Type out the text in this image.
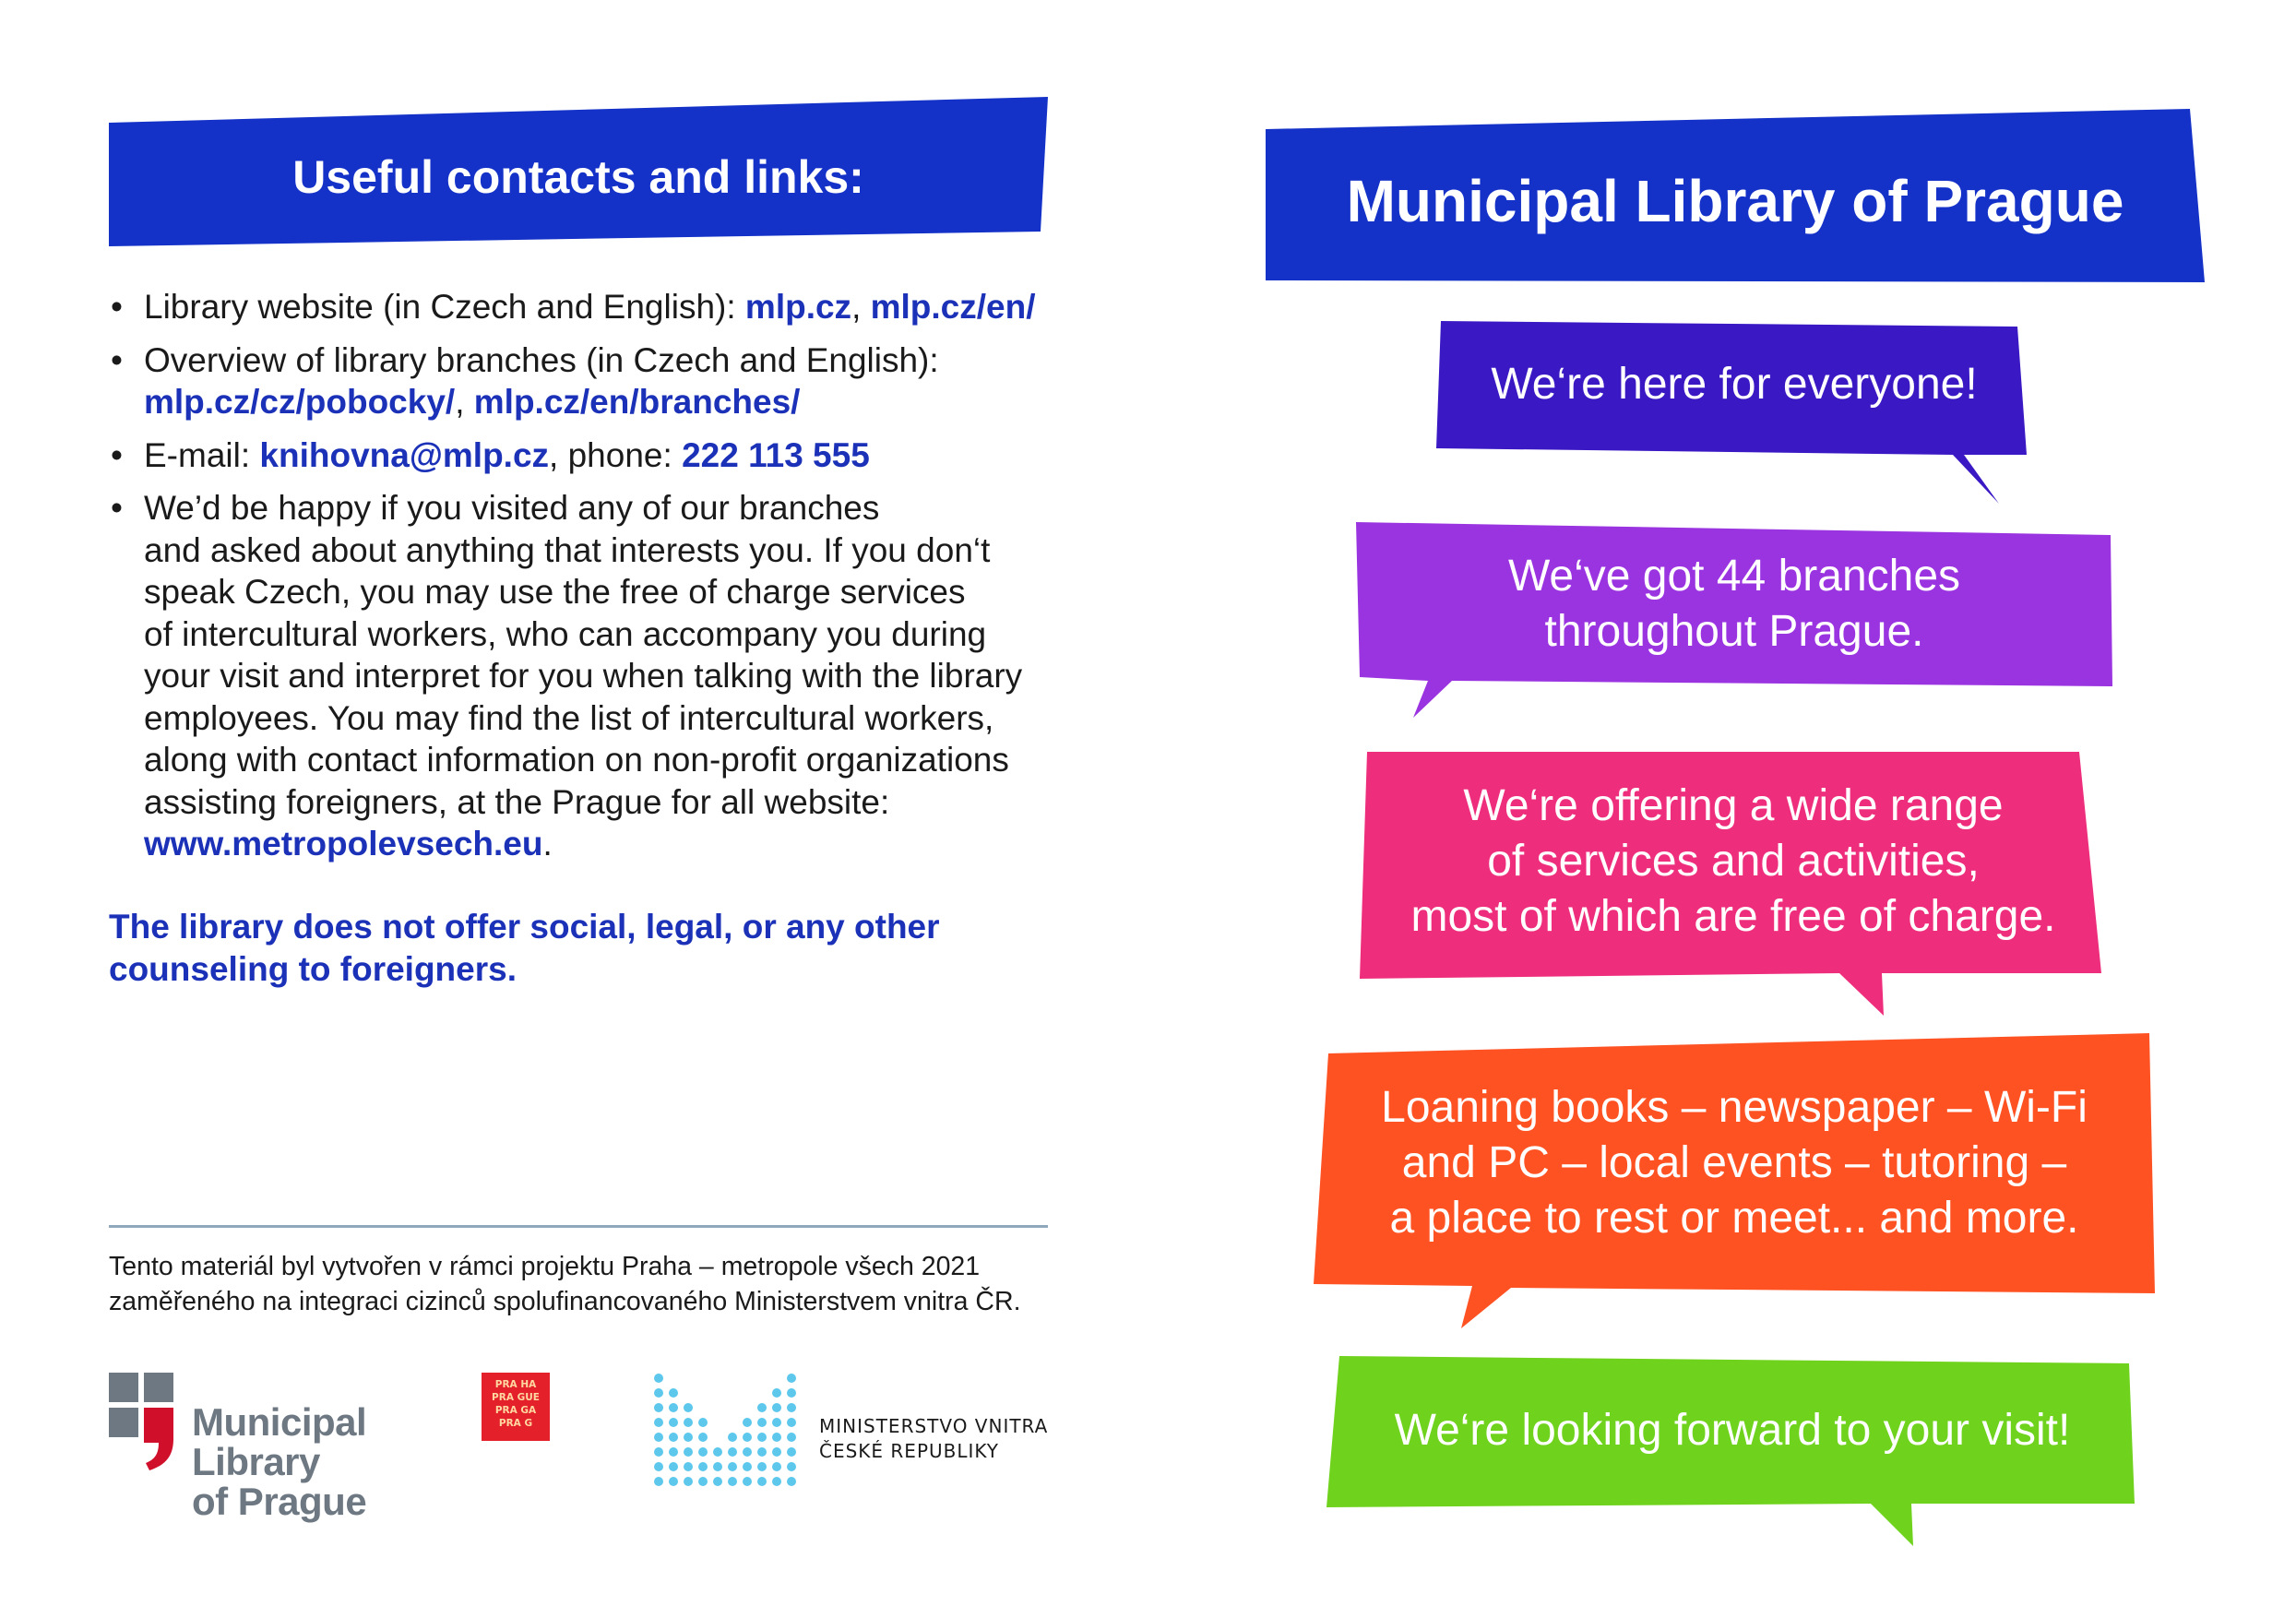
Useful contacts and links:
• Library website (in Czech and English): mlp.cz, mlp.cz/en/
• Overview of library branches (in Czech and English):
mlp.cz/cz/pobocky/, mlp.cz/en/branches/
• E-mail: knihovna@mlp.cz, phone: 222 113 555
• We’d be happy if you visited any of our branches
and asked about anything that interests you. If you don‘t
speak Czech, you may use the free of charge services
of intercultural workers, who can accompany you during
your visit and interpret for you when talking with the library
employees. You may find the list of intercultural workers,
along with contact information on non-profit organizations
assisting foreigners, at the Prague for all website:
www.metropolevsech.eu.
The library does not offer social, legal, or any other
counseling to foreigners.
Tento materiál byl vytvořen v rámci projektu Praha – metropole všech 2021
zaměřeného na integraci cizinců spolufinancovaného Ministerstvem vnitra ČR.
Municipal
Library
of Prague
PRA HA
PRA GUE
PRA GA
PRA G	MINISTERSTVO VNITRA
ČESKÉ REPUBLIKY
Municipal Library of Prague
We‘re here for everyone!
We‘ve got 44 branches
throughout Prague.
We‘re offering a wide range
of services and activities,
most of which are free of charge.
Loaning books – newspaper – Wi-Fi
and PC – local events – tutoring –
a place to rest or meet... and more.
We‘re looking forward to your visit!
